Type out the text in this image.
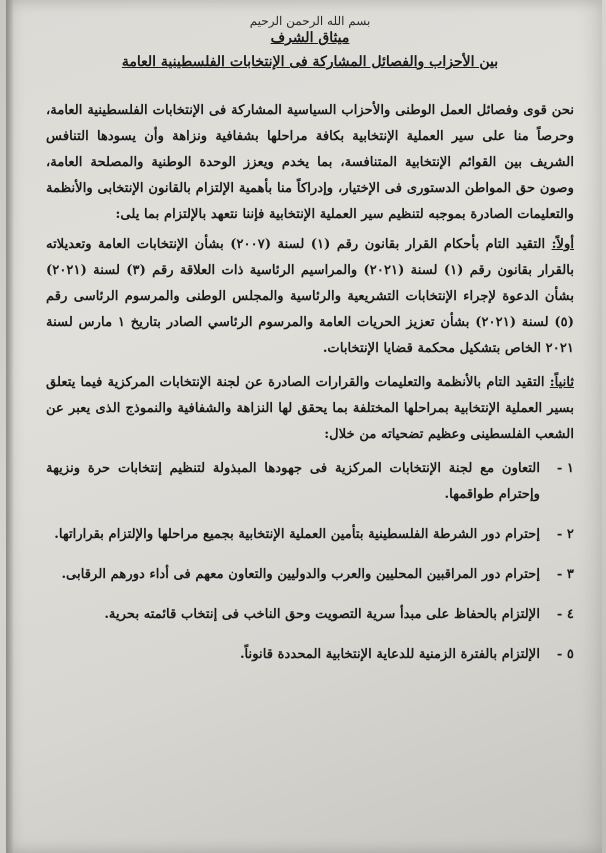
بسم الله الرحمن الرحيم

ميثاق الشرف

بين الأحزاب والفصائل المشاركة فى الإنتخابات الفلسطينية العامة

نحن قوى وفصائل العمل الوطنى والأحزاب السياسية المشاركة فى الإنتخابات الفلسطينية العامة، وحرصاً منا على سير العملية الإنتخابية بكافة مراحلها بشفافية ونزاهة وأن يسودها التنافس الشريف بين القوائم الإنتخابية المتنافسة، بما يخدم ويعزز الوحدة الوطنية والمصلحة العامة، وصون حق المواطن الدستورى فى الإختيار، وإدراكاً منا بأهمية الإلتزام بالقانون الإنتخابى والأنظمة والتعليمات الصادرة بموجبه لتنظيم سير العملية الإنتخابية فإننا نتعهد بالإلتزام بما يلى:

أولاً: التقيد التام بأحكام القرار بقانون رقم (١) لسنة (٢٠٠٧) بشأن الإنتخابات العامة وتعديلاته بالقرار بقانون رقم (١) لسنة (٢٠٢١) والمراسيم الرئاسية ذات العلاقة رقم (٣) لسنة (٢٠٢١) بشأن الدعوة لإجراء الإنتخابات التشريعية والرئاسية والمجلس الوطنى والمرسوم الرئاسى رقم (٥) لسنة (٢٠٢١) بشأن تعزيز الحريات العامة والمرسوم الرئاسي الصادر بتاريخ ١ مارس لسنة ٢٠٢١ الخاص بتشكيل محكمة قضايا الإنتخابات.

ثانياً: التقيد التام بالأنظمة والتعليمات والقرارات الصادرة عن لجنة الإنتخابات المركزية فيما يتعلق بسير العملية الإنتخابية بمراحلها المختلفة بما يحقق لها النزاهة والشفافية والنموذج الذى يعبر عن الشعب الفلسطينى وعظيم تضحياته من خلال:

١ -
التعاون مع لجنة الإنتخابات المركزية فى جهودها المبذولة لتنظيم إنتخابات حرة ونزيهة وإحترام طواقمها.
٢ -
إحترام دور الشرطة الفلسطينية بتأمين العملية الإنتخابية بجميع مراحلها والإلتزام بقراراتها.
٣ -
إحترام دور المراقبين المحليين والعرب والدوليين والتعاون معهم فى أداء دورهم الرقابى.
٤ -
الإلتزام بالحفاظ على مبدأ سرية التصويت وحق الناخب فى إنتخاب قائمته بحرية.
٥ -
الإلتزام بالفترة الزمنية للدعاية الإنتخابية المحددة قانوناً.
